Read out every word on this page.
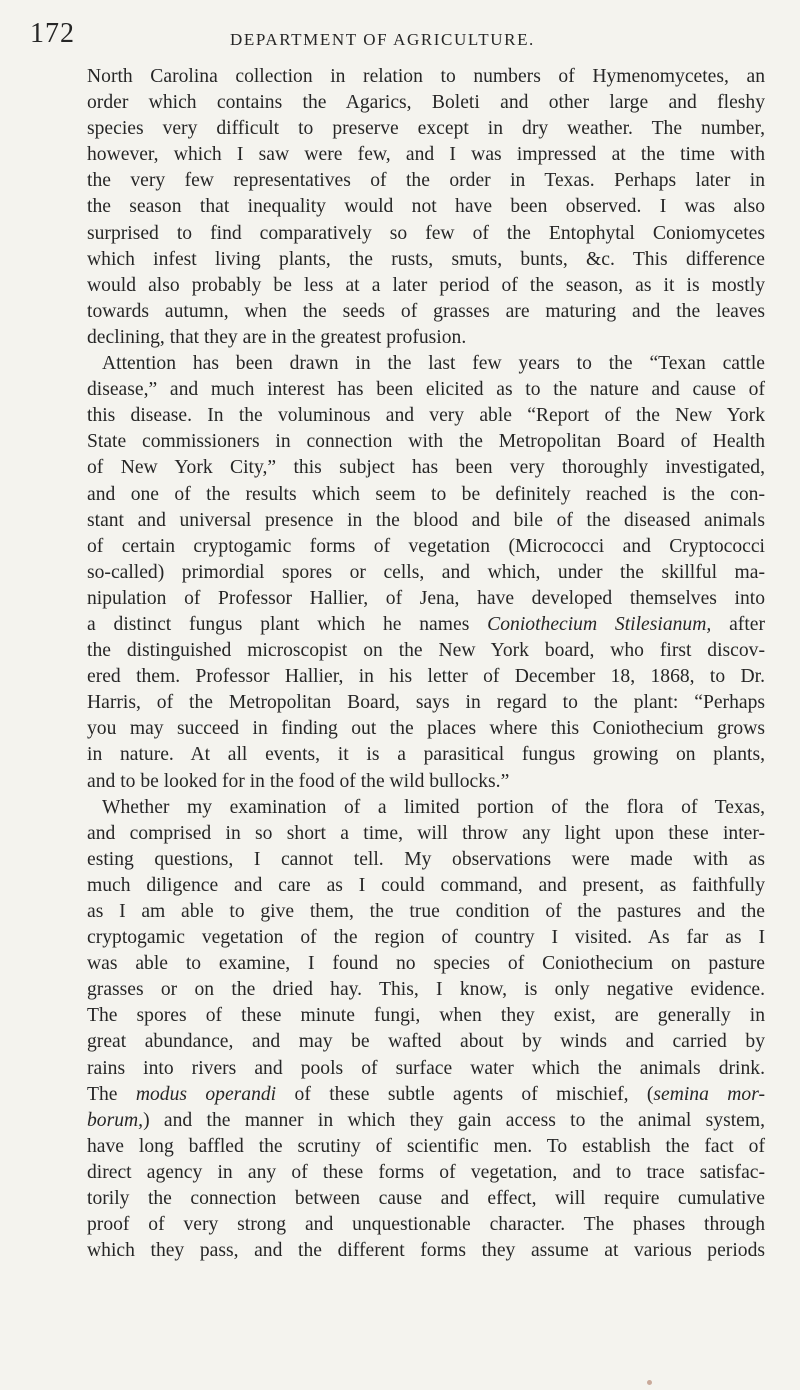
172	DEPARTMENT OF AGRICULTURE.

North Carolina collection in relation to numbers of Hymenomycetes, an
order which contains the Agarics, Boleti and other large and fleshy
species very difficult to preserve except in dry weather. The number,
however, which I saw were few, and I was impressed at the time with
the very few representatives of the order in Texas. Perhaps later in
the season that inequality would not have been observed. I was also
surprised to find comparatively so few of the Entophytal Coniomycetes
which infest living plants, the rusts, smuts, bunts, &c. This difference
would also probably be less at a later period of the season, as it is mostly
towards autumn, when the seeds of grasses are maturing and the leaves
declining, that they are in the greatest profusion.

Attention has been drawn in the last few years to the “Texan cattle
disease,” and much interest has been elicited as to the nature and cause of
this disease. In the voluminous and very able “Report of the New York
State commissioners in connection with the Metropolitan Board of Health
of New York City,” this subject has been very thoroughly investigated,
and one of the results which seem to be definitely reached is the con-
stant and universal presence in the blood and bile of the diseased animals
of certain cryptogamic forms of vegetation (Micrococci and Cryptococci
so-called) primordial spores or cells, and which, under the skillful ma-
nipulation of Professor Hallier, of Jena, have developed themselves into
a distinct fungus plant which he names Coniothecium Stilesianum, after
the distinguished microscopist on the New York board, who first discov-
ered them. Professor Hallier, in his letter of December 18, 1868, to Dr.
Harris, of the Metropolitan Board, says in regard to the plant: “Perhaps
you may succeed in finding out the places where this Coniothecium grows
in nature. At all events, it is a parasitical fungus growing on plants,
and to be looked for in the food of the wild bullocks.”

Whether my examination of a limited portion of the flora of Texas,
and comprised in so short a time, will throw any light upon these inter-
esting questions, I cannot tell. My observations were made with as
much diligence and care as I could command, and present, as faithfully
as I am able to give them, the true condition of the pastures and the
cryptogamic vegetation of the region of country I visited. As far as I
was able to examine, I found no species of Coniothecium on pasture
grasses or on the dried hay. This, I know, is only negative evidence.
The spores of these minute fungi, when they exist, are generally in
great abundance, and may be wafted about by winds and carried by
rains into rivers and pools of surface water which the animals drink.
The modus operandi of these subtle agents of mischief, (semina mor-
borum,) and the manner in which they gain access to the animal system,
have long baffled the scrutiny of scientific men. To establish the fact of
direct agency in any of these forms of vegetation, and to trace satisfac-
torily the connection between cause and effect, will require cumulative
proof of very strong and unquestionable character. The phases through
which they pass, and the different forms they assume at various periods
